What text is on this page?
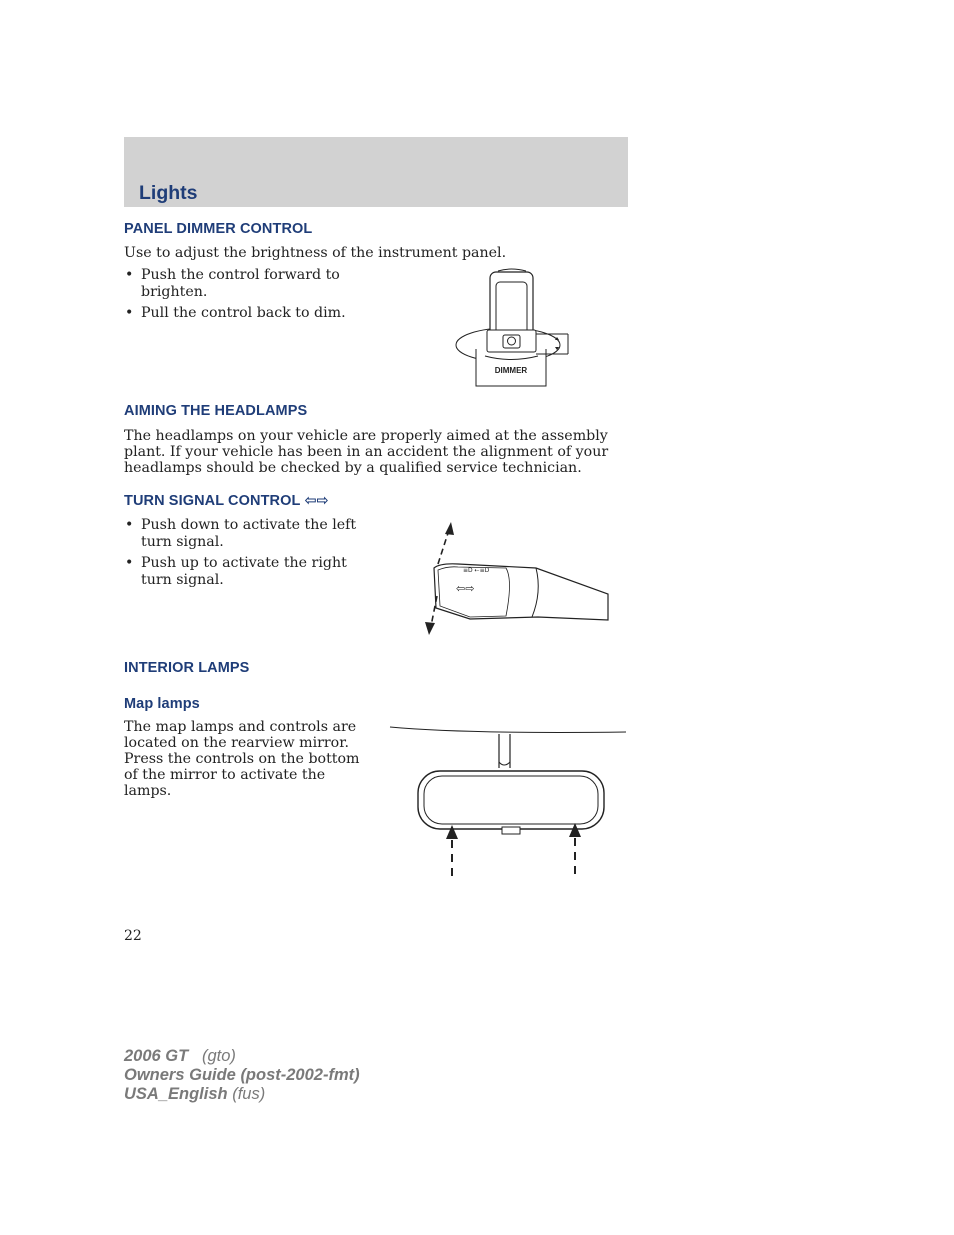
Lights
PANEL DIMMER CONTROL

Use to adjust the brightness of the instrument panel.

• Push the control forward to brighten.
• Pull the control back to dim.
DIMMER
AIMING THE HEADLAMPS

The headlamps on your vehicle are properly aimed at the assembly plant. If your vehicle has been in an accident the alignment of your headlamps should be checked by a qualified service technician.

TURN SIGNAL CONTROL ⇦⇨
• Push down to activate the left turn signal.
• Push up to activate the right turn signal.
≡D ⇠≡D
⇦⇨
INTERIOR LAMPS
Map lamps

The map lamps and controls are located on the rearview mirror. Press the controls on the bottom of the mirror to activate the lamps.

22

2006 GT (gto)
Owners Guide (post-2002-fmt)
USA_English (fus)
